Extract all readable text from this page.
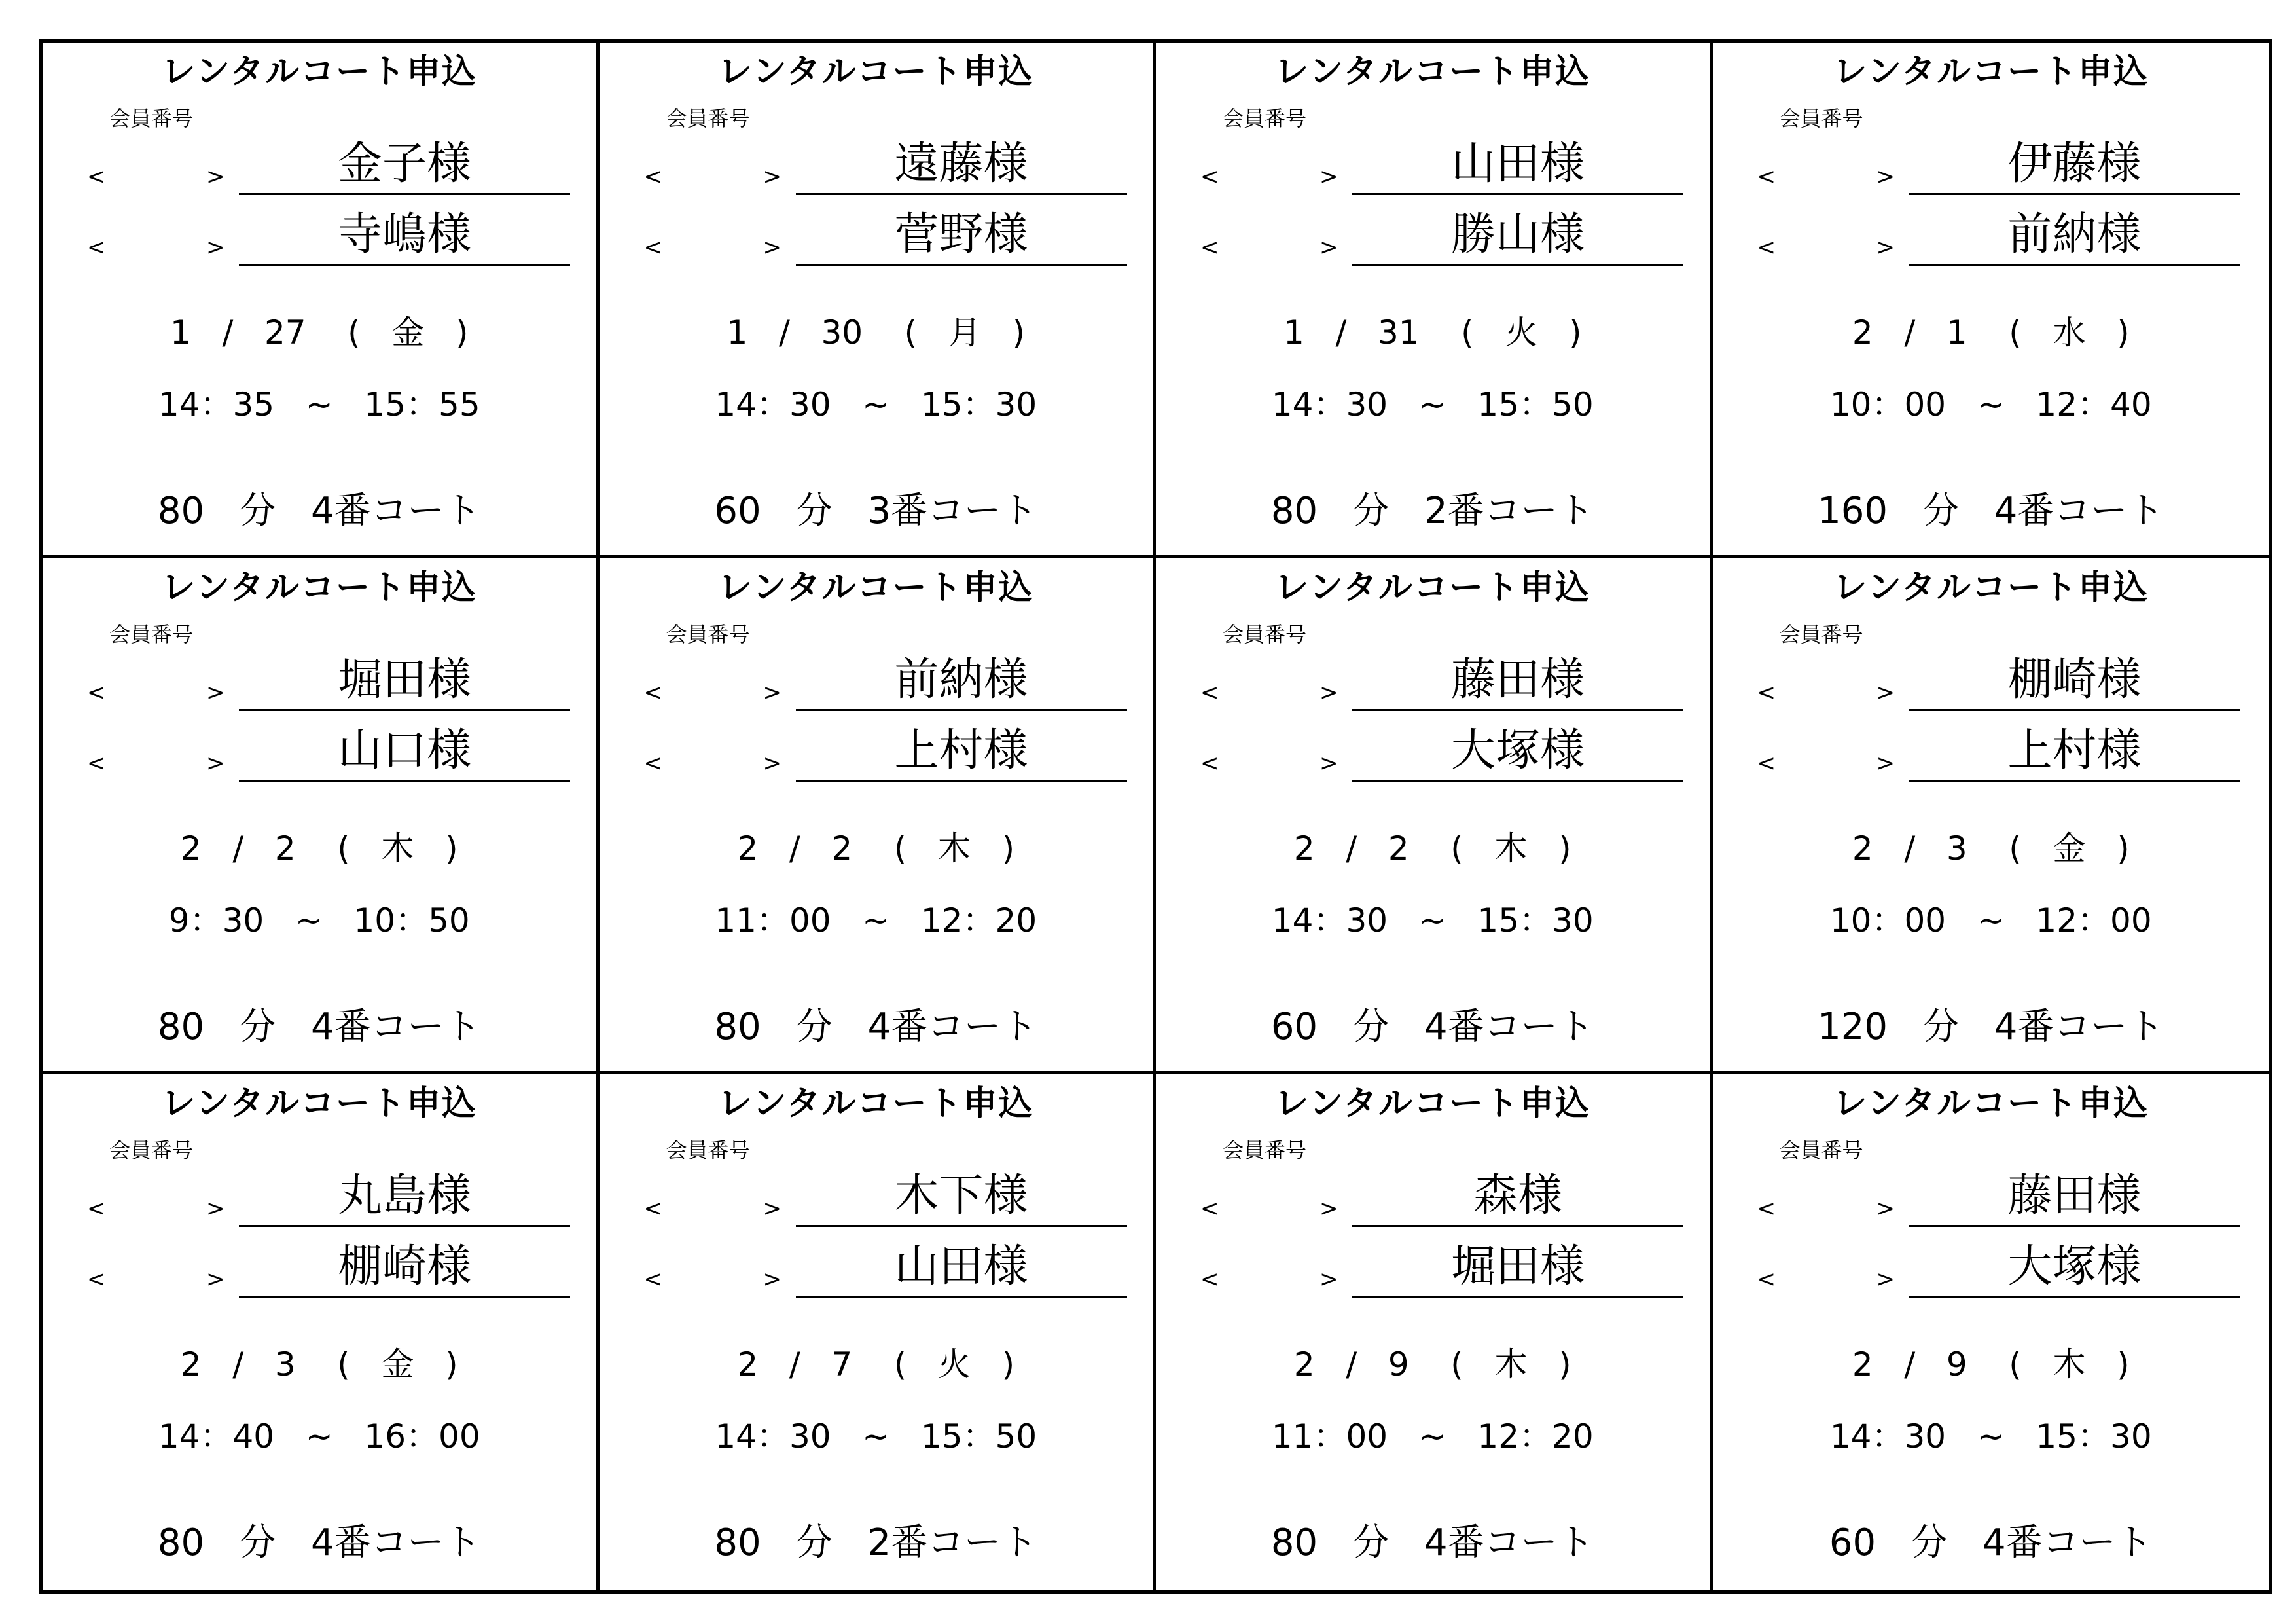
レンタルコート申込
会員番号
<	>	金子様
<	>	寺嶋様
1 / 27    (   金   )
14：35 ~ 15：55
80 分 4番コート
レンタルコート申込
会員番号
<	>	遠藤様
<	>	菅野様
1 / 30    (   月   )
14：30 ~ 15：30
60 分 3番コート
レンタルコート申込
会員番号
<	>	山田様
<	>	勝山様
1 / 31    (   火   )
14：30 ~ 15：50
80 分 2番コート
レンタルコート申込
会員番号
<	>	伊藤様
<	>	前納様
2 / 1    (   水   )
10：00 ~ 12：40
160 分 4番コート
レンタルコート申込
会員番号
<	>	堀田様
<	>	山口様
2 / 2    (   木   )
9：30 ~ 10：50
80 分 4番コート
レンタルコート申込
会員番号
<	>	前納様
<	>	上村様
2 / 2    (   木   )
11：00 ~ 12：20
80 分 4番コート
レンタルコート申込
会員番号
<	>	藤田様
<	>	大塚様
2 / 2    (   木   )
14：30 ~ 15：30
60 分 4番コート
レンタルコート申込
会員番号
<	>	棚崎様
<	>	上村様
2 / 3    (   金   )
10：00 ~ 12：00
120 分 4番コート
レンタルコート申込
会員番号
<	>	丸島様
<	>	棚崎様
2 / 3    (   金   )
14：40 ~ 16：00
80 分 4番コート
レンタルコート申込
会員番号
<	>	木下様
<	>	山田様
2 / 7    (   火   )
14：30 ~ 15：50
80 分 2番コート
レンタルコート申込
会員番号
<	>	森様
<	>	堀田様
2 / 9    (   木   )
11：00 ~ 12：20
80 分 4番コート
レンタルコート申込
会員番号
<	>	藤田様
<	>	大塚様
2 / 9    (   木   )
14：30 ~ 15：30
60 分 4番コート
